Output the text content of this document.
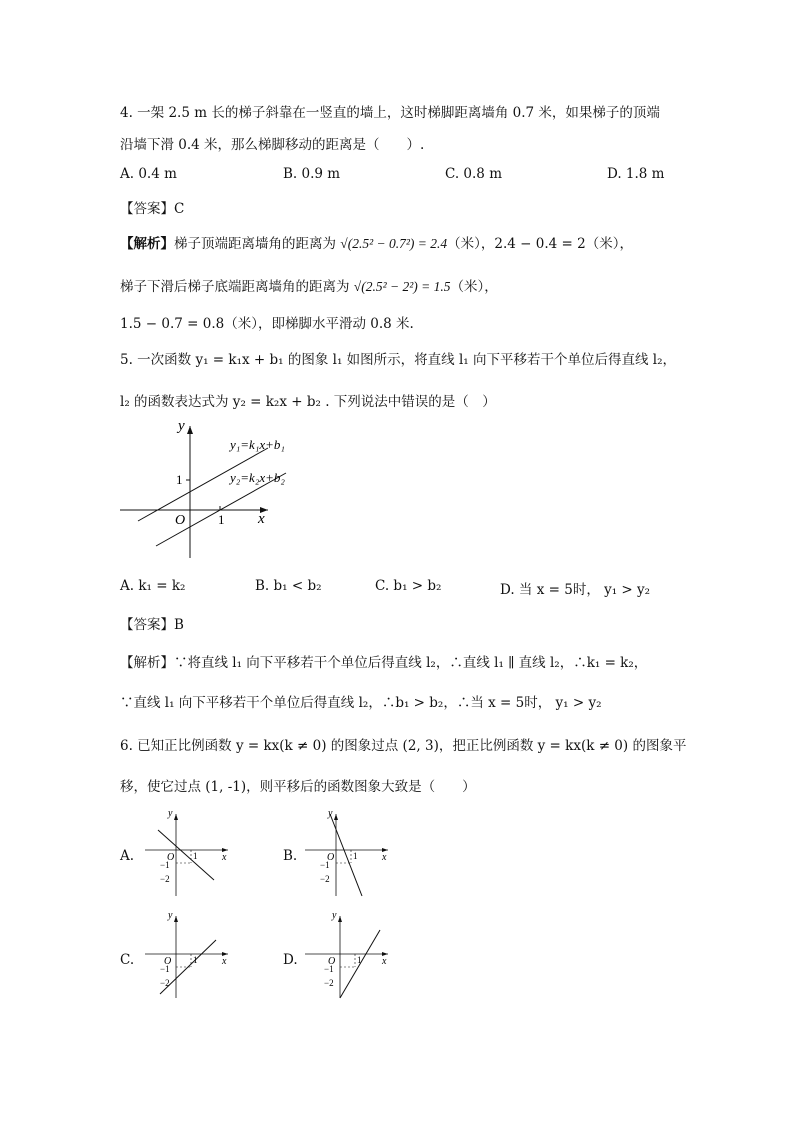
4. 一架 2.5 m 长的梯子斜靠在一竖直的墙上，这时梯脚距离墙角 0.7 米，如果梯子的顶端
沿墙下滑 0.4 米，那么梯脚移动的距离是（　　）.
A. 0.4 m	B. 0.9 m	C. 0.8 m	D. 1.8 m
【答案】C
【解析】梯子顶端距离墙角的距离为 √(2.5² − 0.7²) = 2.4（米），2.4 − 0.4 = 2（米），
梯子下滑后梯子底端距离墙角的距离为 √(2.5² − 2²) = 1.5（米），
1.5 − 0.7 = 0.8（米），即梯脚水平滑动 0.8 米.
5. 一次函数 y₁ = k₁x + b₁ 的图象 l₁ 如图所示，将直线 l₁ 向下平移若干个单位后得直线 l₂，
l₂ 的函数表达式为 y₂ = k₂x + b₂ . 下列说法中错误的是（　）
y
x
O
1
1
y₁=k₁x+b₁
y₂=k₂x+b₂
A. k₁ = k₂	B. b₁ < b₂	C. b₁ > b₂	D. 当 x = 5时， y₁ > y₂
【答案】B
【解析】∵将直线 l₁ 向下平移若干个单位后得直线 l₂，∴直线 l₁ ∥ 直线 l₂，∴k₁ = k₂，
∵直线 l₁ 向下平移若干个单位后得直线 l₂，∴b₁ > b₂，∴当 x = 5时， y₁ > y₂
6. 已知正比例函数 y = kx(k ≠ 0) 的图象过点 (2, 3)，把正比例函数 y = kx(k ≠ 0) 的图象平
移，使它过点 (1, -1)，则平移后的函数图象大致是（　　）
A.
y
x
O 1
−1
−2
B.
y
x
O 1
−1
−2
C.
y
x
O 1
−1
−2
D.
y
x
O 1
−1
−2
